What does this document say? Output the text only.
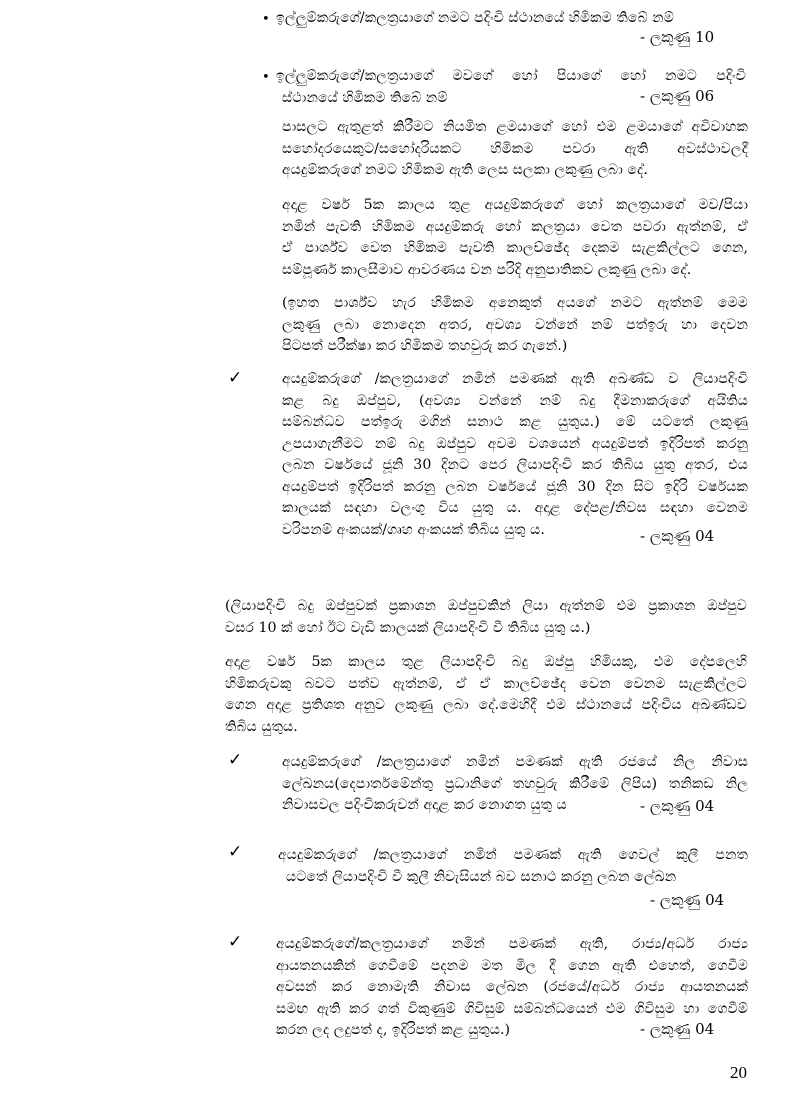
• ඉල්ලුම්කරුගේ/කලත්‍රයාගේ නමට පදිංචි ස්ථානයේ හිමිකම තිබේ නම්
- ලකුණු 10
• ඉල්ලුම්කරුගේ/කලත්‍රයාගේ මවගේ හෝ පියාගේ හෝ නමට පදිංචි
ස්ථානයේ හිමිකම තිබේ නම්	- ලකුණු 06
පාසලට ඇතුළත් කිරීමට නියමිත ළමයාගේ හෝ එම ළමයාගේ අවිවාහක
සහෝදරයෙකුට/සහෝදරියකට හිමිකම පවරා ඇති අවස්ථාවලදී
අයදුම්කරුගේ නමට හිමිකම ඇති ලෙස සලකා ලකුණු ලබා දේ.
අදාළ වර්ෂ 5ක කාලය තුළ අයදුම්කරුගේ හෝ කලත්‍රයාගේ මව/පියා
නමින් පැවති හිමිකම අයදුම්කරු හෝ කලත්‍රයා වෙත පවරා ඇත්නම්, ඒ
ඒ පාර්ශ්ව වෙත හිමිකම පැවති කාලච්ඡේද දෙකම සැළකිල්ලට ගෙන,
සම්පූර්ණ කාලසීමාව ආවරණය වන පරිදි අනුපාතිකව ලකුණු ලබා දේ.
(ඉහත පාර්ශ්ව හැර හිමිකම අනෙකුත් අයගේ නමට ඇත්නම් මෙම
ලකුණු ලබා නොදෙන අතර, අවශ්‍ය වන්නේ නම් පත්ඉරු හා දෙවන
පිටපත් පරීක්ෂා කර හිමිකම තහවුරු කර ගැනේ.)
✓	අයදුම්කරුගේ /කලත්‍රයාගේ නමින් පමණක් ඇති අඛණ්ඩ ව ලියාපදිංචි
කළ බදු ඔප්පුව, (අවශ්‍ය වන්නේ නම් බදු දීමනාකරුගේ අයිතිය
සම්බන්ධව පත්ඉරු මගින් සනාථ කළ යුතුය.) මේ යටතේ ලකුණු
උපයාගැනීමට නම් බදු ඔප්පුව අවම වශයෙන් අයදුම්පත් ඉදිරිපත් කරනු
ලබන වර්ෂයේ ජූනි 30 දිනට පෙර ලියාපදිංචි කර තිබිය යුතු අතර, එය
අයදුම්පත් ඉදිරිපත් කරනු ලබන වර්ෂයේ ජූනි 30 දින සිට ඉදිරි වර්ෂයක
කාලයක් සඳහා වලංගු විය යුතු ය. අදාළ දේපළ/නිවස සඳහා වෙනම
වරිපනම් අංකයක්/ගෘහ අංකයක් තිබිය යුතු ය.	- ලකුණු 04
(ලියාපදිංචි බදු ඔප්පුවක් ප්‍රකාශන ඔප්පුවකින් ලියා ඇත්නම් එම ප්‍රකාශන ඔප්පුව
වසර 10 ක් හෝ ඊට වැඩි කාලයක් ලියාපදිංචි වී තිබිය යුතු ය.)
අදාළ වර්ෂ 5ක කාලය තුළ ලියාපදිංචි බදු ඔප්පු හිමියකු, එම දේපලෙහි
හිමිකරුවකු බවට පත්ව ඇත්නම්, ඒ ඒ කාලච්ඡේද වෙන වෙනම සැළකිල්ලට
ගෙන අදාළ ප්‍රතිශත අනුව ලකුණු ලබා දේ.මෙහිදී එම ස්ථානයේ පදිංචිය අඛණ්ඩව
තිබිය යුතුය.
✓	අයදුම්කරුගේ /කලත්‍රයාගේ නමින් පමණක් ඇති රජයේ නිල නිවාස
ලේඛනය(දෙපාර්තමේන්තු ප්‍රධානිගේ තහවුරු කිරීමේ ලිපිය) තනිකඩ නිල
නිවාසවල පදිංචිකරුවන් අදාළ කර නොගත යුතු ය	- ලකුණු 04
✓	අයදුම්කරුගේ /කලත්‍රයාගේ නමින් පමණක් ඇති ගෙවල් කුලී පනත
යටතේ ලියාපදිංචි වී කුලී නිවැසියන් බව සනාථ කරනු ලබන ලේඛන
- ලකුණු 04
✓ අයදුම්කරුගේ/කලත්‍රයාගේ නමින් පමණක් ඇති, රාජ්‍ය/අර්ධ රාජ්‍ය
ආයතනයකින් ගෙවීමේ පදනම මත මිල දී ගෙන ඇති එහෙත්, ගෙවීම
අවසන් කර නොමැති නිවාස ලේඛන (රජයේ/අර්ධ රාජ්‍ය ආයතනයක්
සමඟ ඇති කර ගත් විකුණුම් ගිවිසුම් සම්බන්ධයෙන් එම ගිවිසුම හා ගෙවීම්
කරන ලද ලදුපත් ද, ඉදිරිපත් කළ යුතුය.)	- ලකුණු 04
20
